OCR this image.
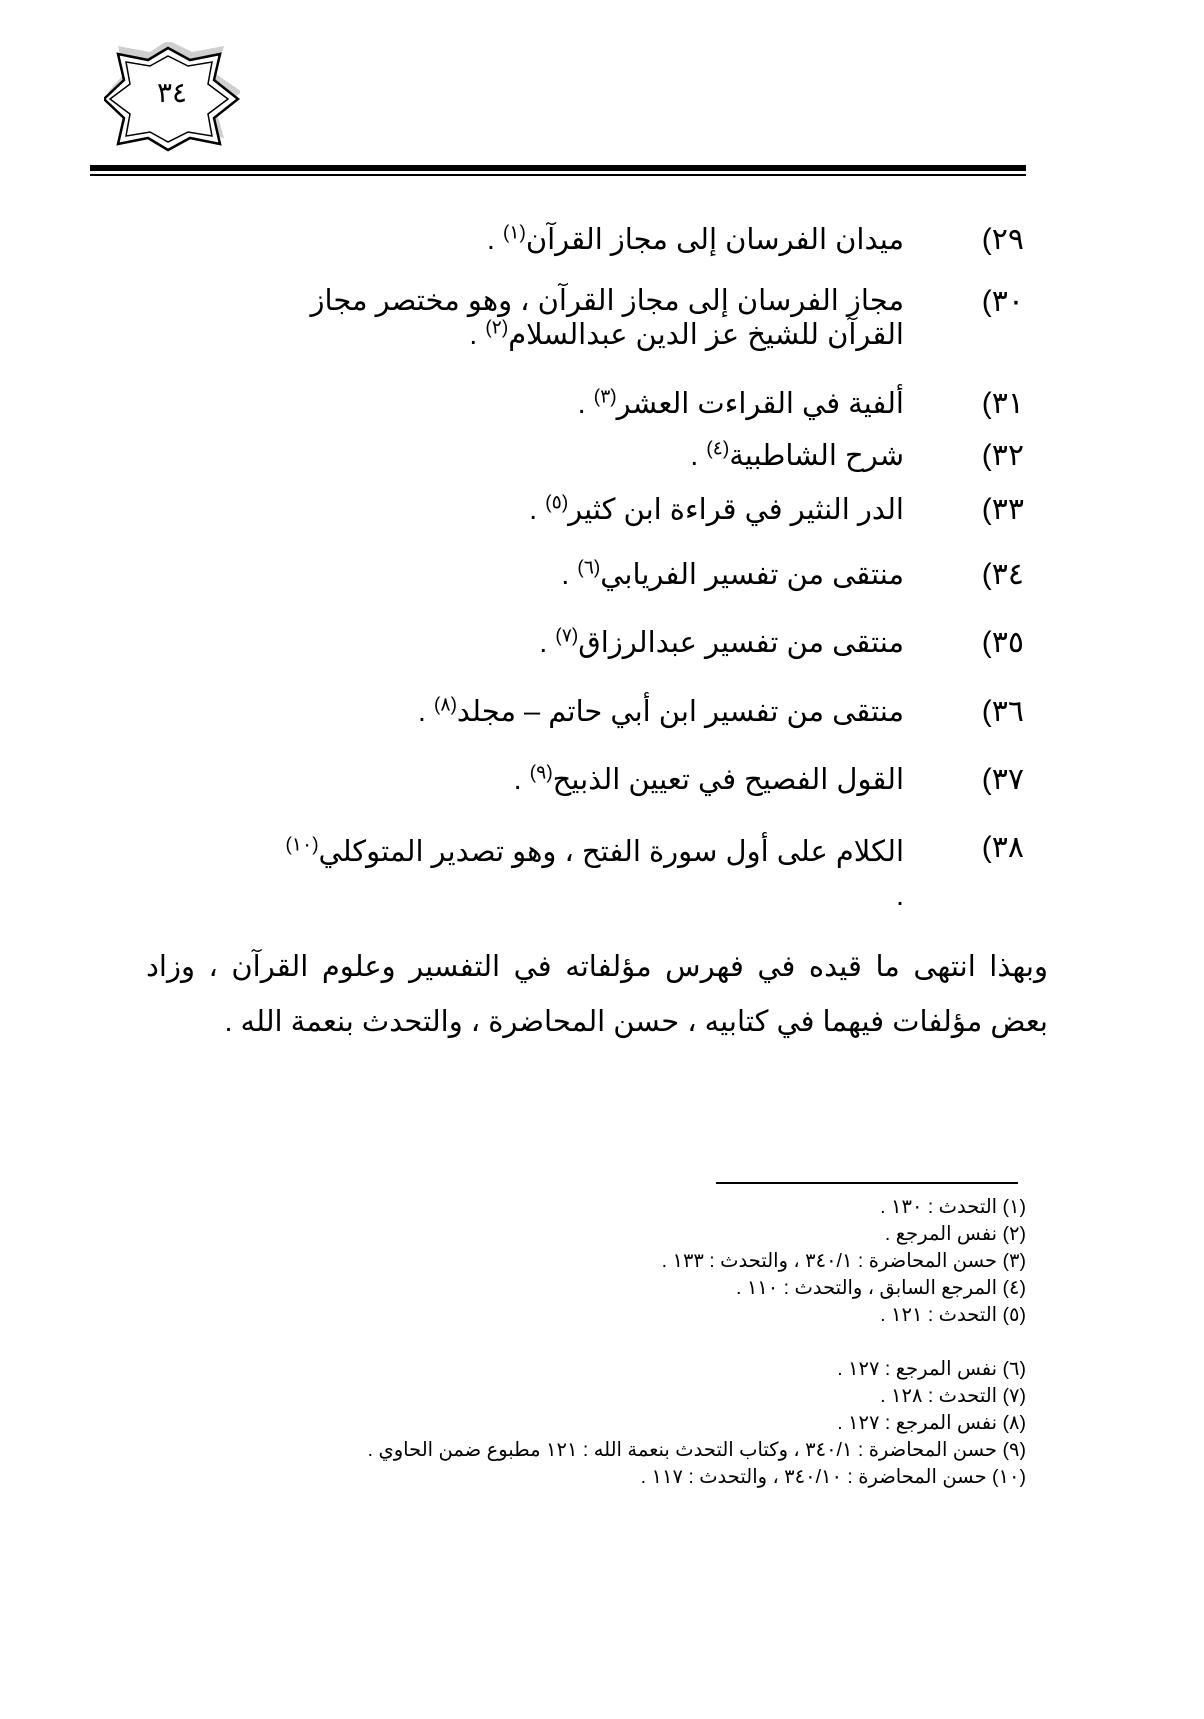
٣٤
٢٩)
ميدان الفرسان إلى مجاز القرآن$^{(١)}$ .
٣٠)
مجاز الفرسان إلى مجاز القرآن ، وهو مختصر مجاز القرآن للشيخ عز الدين عبدالسلام$^{(٢)}$ .
٣١)
ألفية في القراءت العشر$^{(٣)}$ .
٣٢)
شرح الشاطبية$^{(٤)}$ .
٣٣)
الدر النثير في قراءة ابن كثير$^{(٥)}$ .
٣٤)
منتقى من تفسير الفريابي$^{(٦)}$ .
٣٥)
منتقى من تفسير عبدالرزاق$^{(٧)}$ .
٣٦)
منتقى من تفسير ابن أبي حاتم – مجلد$^{(٨)}$ .
٣٧)
القول الفصيح في تعيين الذبيح$^{(٩)}$ .
٣٨)
الكلام على أول سورة الفتح ، وهو تصدير المتوكلي$^{(١٠)}$ .
وبهذا انتهى ما قيده في فهرس مؤلفاته في التفسير وعلوم القرآن ، وزاد بعض مؤلفات فيهما في كتابيه ، حسن المحاضرة ، والتحدث بنعمة الله .
(١) التحدث : ١٣٠ .
(٢) نفس المرجع .
(٣) حسن المحاضرة : ٣٤٠/١ ، والتحدث : ١٣٣ .
(٤) المرجع السابق ، والتحدث : ١١٠ .
(٥) التحدث : ١٢١ .
(٦) نفس المرجع : ١٢٧ .
(٧) التحدث : ١٢٨ .
(٨) نفس المرجع : ١٢٧ .
(٩) حسن المحاضرة : ٣٤٠/١ ، وكتاب التحدث بنعمة الله : ١٢١ مطبوع ضمن الحاوي .
(١٠) حسن المحاضرة : ٣٤٠/١٠ ، والتحدث : ١١٧ .
